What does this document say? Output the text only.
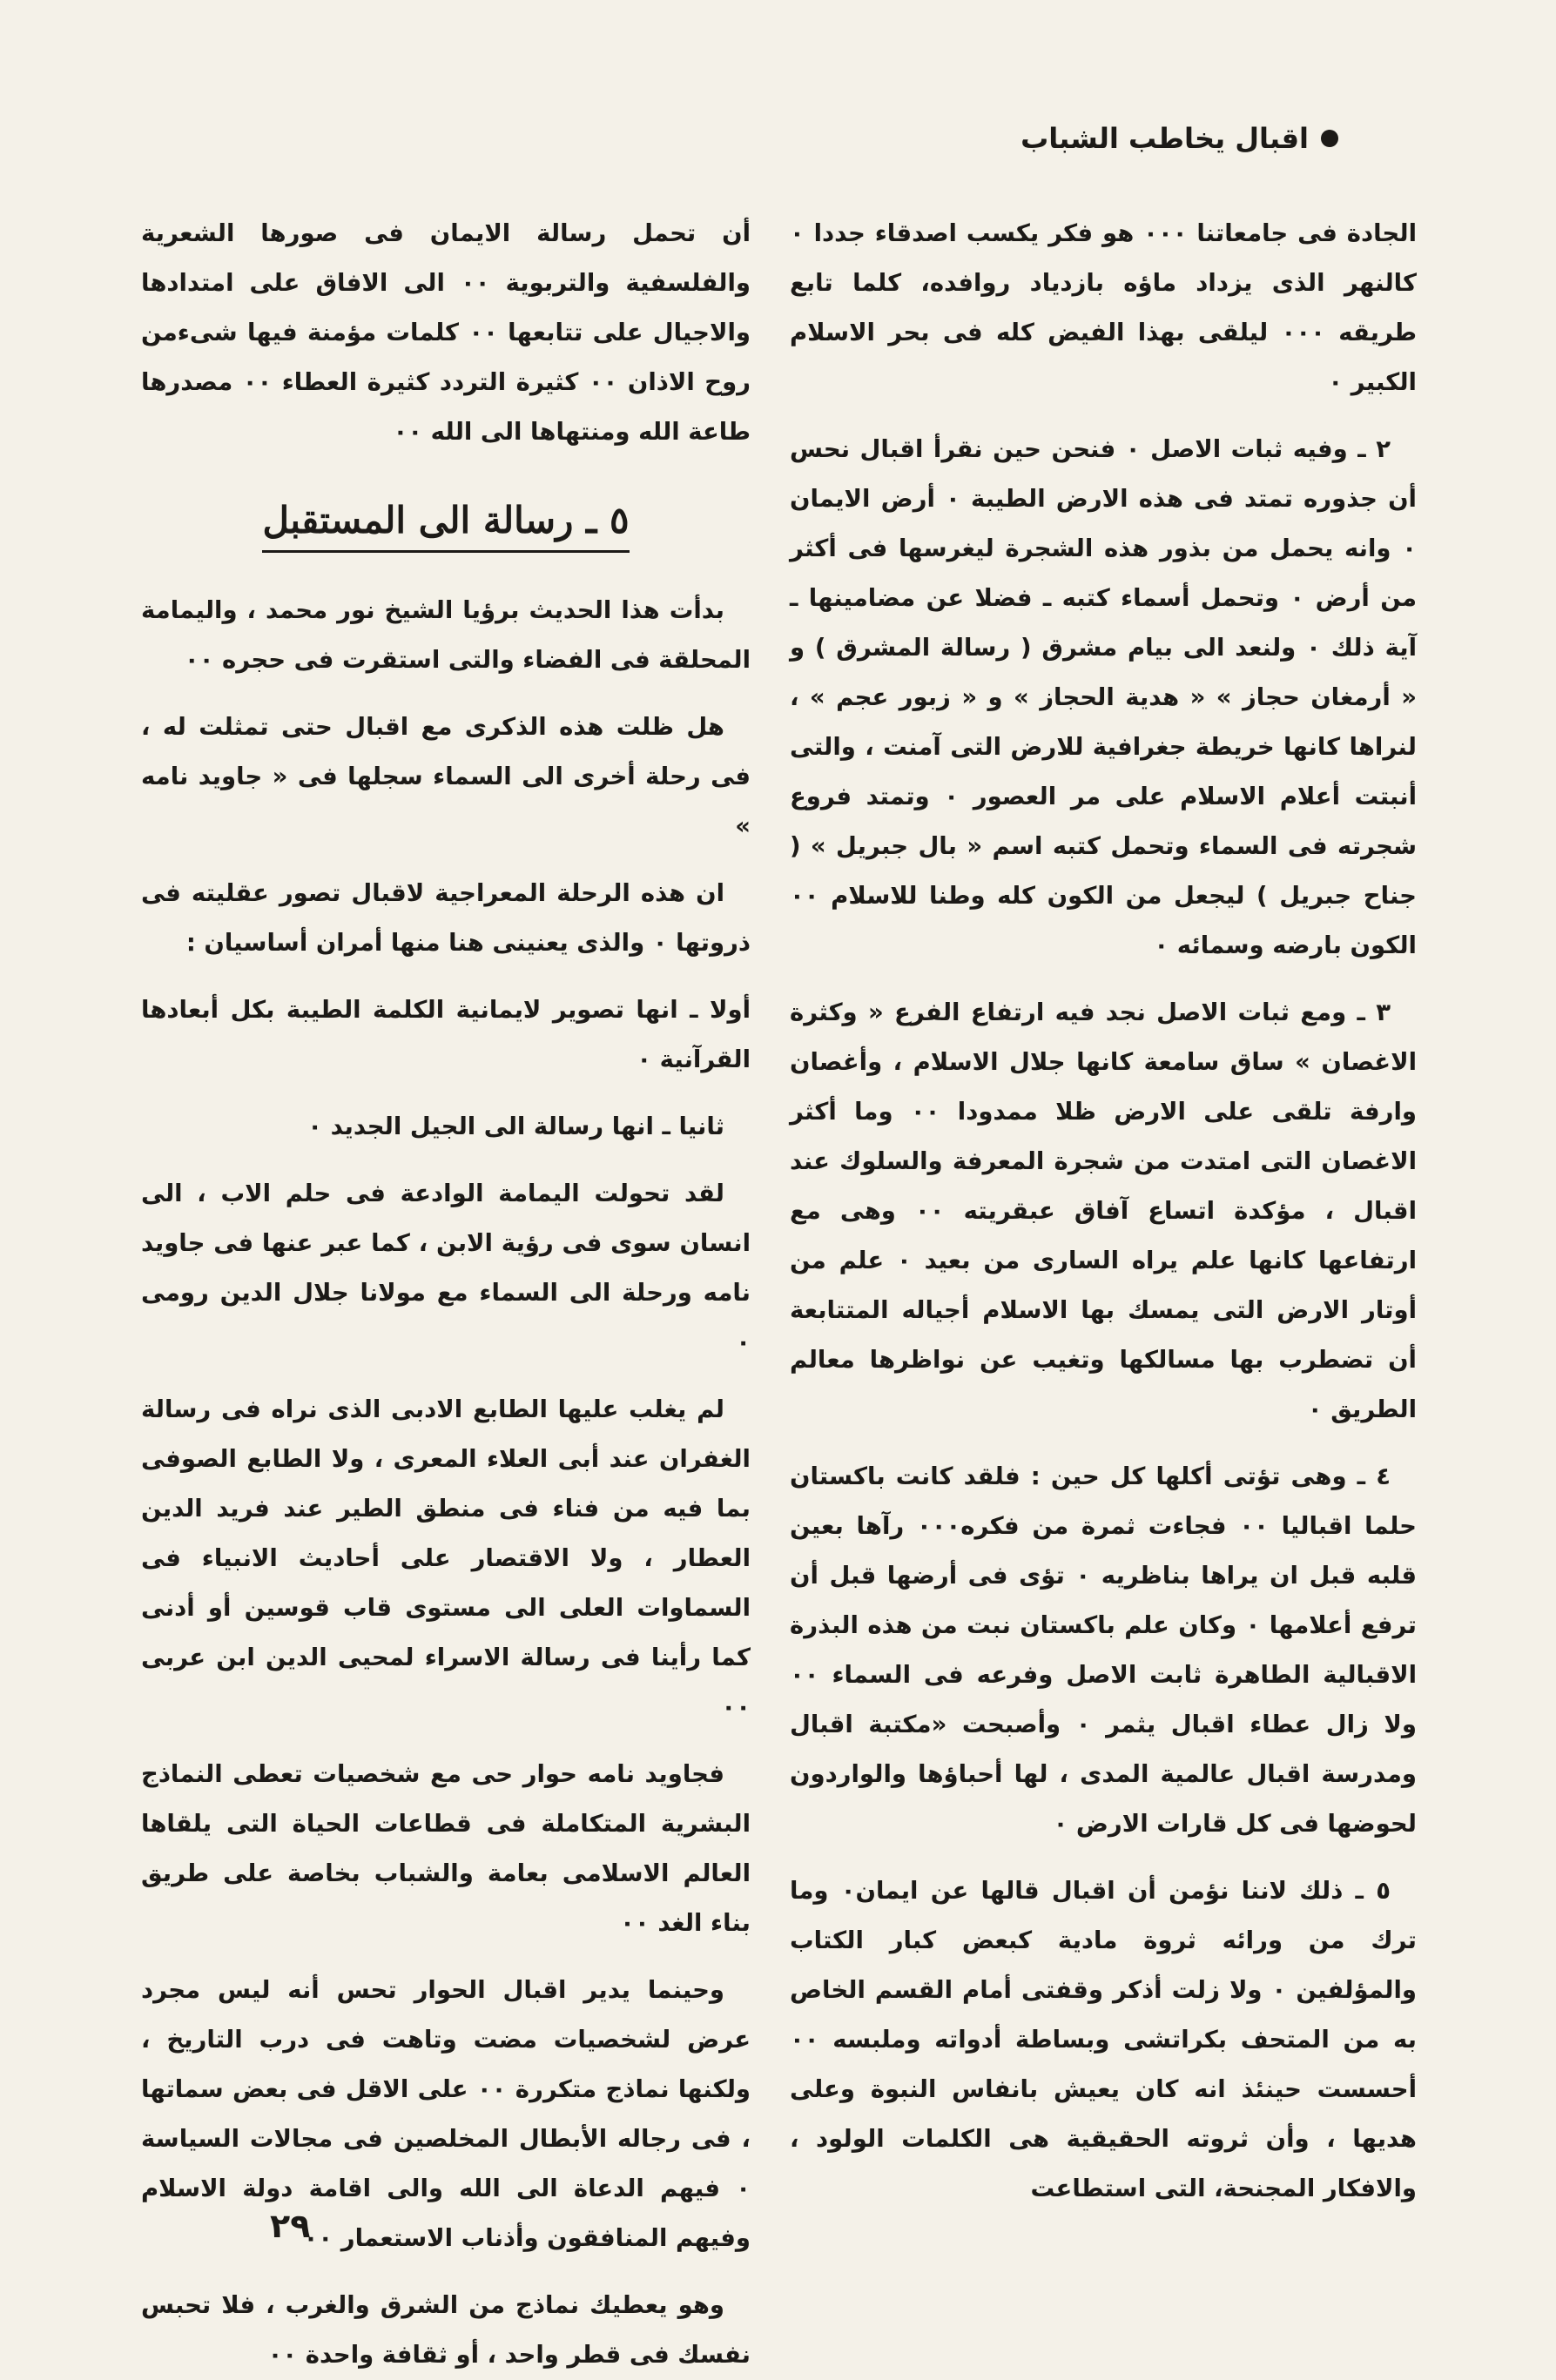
اقبال يخاطب الشباب

الجادة فى جامعاتنا ٠٠٠ هو فكر يكسب اصدقاء جددا ٠ كالنهر الذى يزداد ماؤه بازدياد روافده، كلما تابع طريقه ٠٠٠ ليلقى بهذا الفيض كله فى بحر الاسلام الكبير ٠

٢ ـ وفيه ثبات الاصل ٠ فنحن حين نقرأ اقبال نحس أن جذوره تمتد فى هذه الارض الطيبة ٠ أرض الايمان ٠ وانه يحمل من بذور هذه الشجرة ليغرسها فى أكثر من أرض ٠ وتحمل أسماء كتبه ـ فضلا عن مضامينها ـ آية ذلك ٠ ولنعد الى بيام مشرق ( رسالة المشرق ) و « أرمغان حجاز » « هدية الحجاز » و « زبور عجم » ، لنراها كانها خريطة جغرافية للارض التى آمنت ، والتى أنبتت أعلام الاسلام على مر العصور ٠ وتمتد فروع شجرته فى السماء وتحمل كتبه اسم « بال جبريل » ( جناح جبريل ) ليجعل من الكون كله وطنا للاسلام ٠٠ الكون بارضه وسمائه ٠

٣ ـ ومع ثبات الاصل نجد فيه ارتفاع الفرع « وكثرة الاغصان » ساق سامعة كانها جلال الاسلام ، وأغصان وارفة تلقى على الارض ظلا ممدودا ٠٠ وما أكثر الاغصان التى امتدت من شجرة المعرفة والسلوك عند اقبال ، مؤكدة اتساع آفاق عبقريته ٠٠ وهى مع ارتفاعها كانها علم يراه السارى من بعيد ٠ علم من أوتار الارض التى يمسك بها الاسلام أجياله المتتابعة أن تضطرب بها مسالكها وتغيب عن نواظرها معالم الطريق ٠

٤ ـ وهى تؤتى أكلها كل حين : فلقد كانت باكستان حلما اقباليا ٠٠ فجاءت ثمرة من فكره٠٠٠ رآها بعين قلبه قبل ان يراها بناظريه ٠ تؤى فى أرضها قبل أن ترفع أعلامها ٠ وكان علم باكستان نبت من هذه البذرة الاقبالية الطاهرة ثابت الاصل وفرعه فى السماء ٠٠ ولا زال عطاء اقبال يثمر ٠ وأصبحت «مكتبة اقبال ومدرسة اقبال عالمية المدى ، لها أحباؤها والواردون لحوضها فى كل قارات الارض ٠

٥ ـ ذلك لاننا نؤمن أن اقبال قالها عن ايمان٠ وما ترك من ورائه ثروة مادية كبعض كبار الكتاب والمؤلفين ٠ ولا زلت أذكر وقفتى أمام القسم الخاص به من المتحف بكراتشى وبساطة أدواته وملبسه ٠٠ أحسست حينئذ انه كان يعيش بانفاس النبوة وعلى هديها ، وأن ثروته الحقيقية هى الكلمات الولود ، والافكار المجنحة، التى استطاعت

أن تحمل رسالة الايمان فى صورها الشعرية والفلسفية والتربوية ٠٠ الى الافاق على امتدادها والاجيال على تتابعها ٠٠ كلمات مؤمنة فيها شىءمن روح الاذان ٠٠ كثيرة التردد كثيرة العطاء ٠٠ مصدرها طاعة الله ومنتهاها الى الله ٠٠

٥ ـ رسالة الى المستقبل

بدأت هذا الحديث برؤيا الشيخ نور محمد ، واليمامة المحلقة فى الفضاء والتى استقرت فى حجره ٠٠

هل ظلت هذه الذكرى مع اقبال حتى تمثلت له ، فى رحلة أخرى الى السماء سجلها فى « جاويد نامه »

ان هذه الرحلة المعراجية لاقبال تصور عقليته فى ذروتها ٠ والذى يعنينى هنا منها أمران أساسيان :

أولا ـ انها تصوير لايمانية الكلمة الطيبة بكل أبعادها القرآنية ٠

ثانيا ـ انها رسالة الى الجيل الجديد ٠

لقد تحولت اليمامة الوادعة فى حلم الاب ، الى انسان سوى فى رؤية الابن ، كما عبر عنها فى جاويد نامه ورحلة الى السماء مع مولانا جلال الدين رومى ٠

لم يغلب عليها الطابع الادبى الذى نراه فى رسالة الغفران عند أبى العلاء المعرى ، ولا الطابع الصوفى بما فيه من فناء فى منطق الطير عند فريد الدين العطار ، ولا الاقتصار على أحاديث الانبياء فى السماوات العلى الى مستوى قاب قوسين أو أدنى كما رأينا فى رسالة الاسراء لمحيى الدين ابن عربى ٠٠

فجاويد نامه حوار حى مع شخصيات تعطى النماذج البشرية المتكاملة فى قطاعات الحياة التى يلقاها العالم الاسلامى بعامة والشباب بخاصة على طريق بناء الغد ٠٠

وحينما يدير اقبال الحوار تحس أنه ليس مجرد عرض لشخصيات مضت وتاهت فى درب التاريخ ، ولكنها نماذج متكررة ٠٠ على الاقل فى بعض سماتها ، فى رجاله الأبطال المخلصين فى مجالات السياسة ٠ فيهم الدعاة الى الله والى اقامة دولة الاسلام وفيهم المنافقون وأذناب الاستعمار ٠٠

وهو يعطيك نماذج من الشرق والغرب ، فلا تحبس نفسك فى قطر واحد ، أو ثقافة واحدة ٠٠

٢٩
